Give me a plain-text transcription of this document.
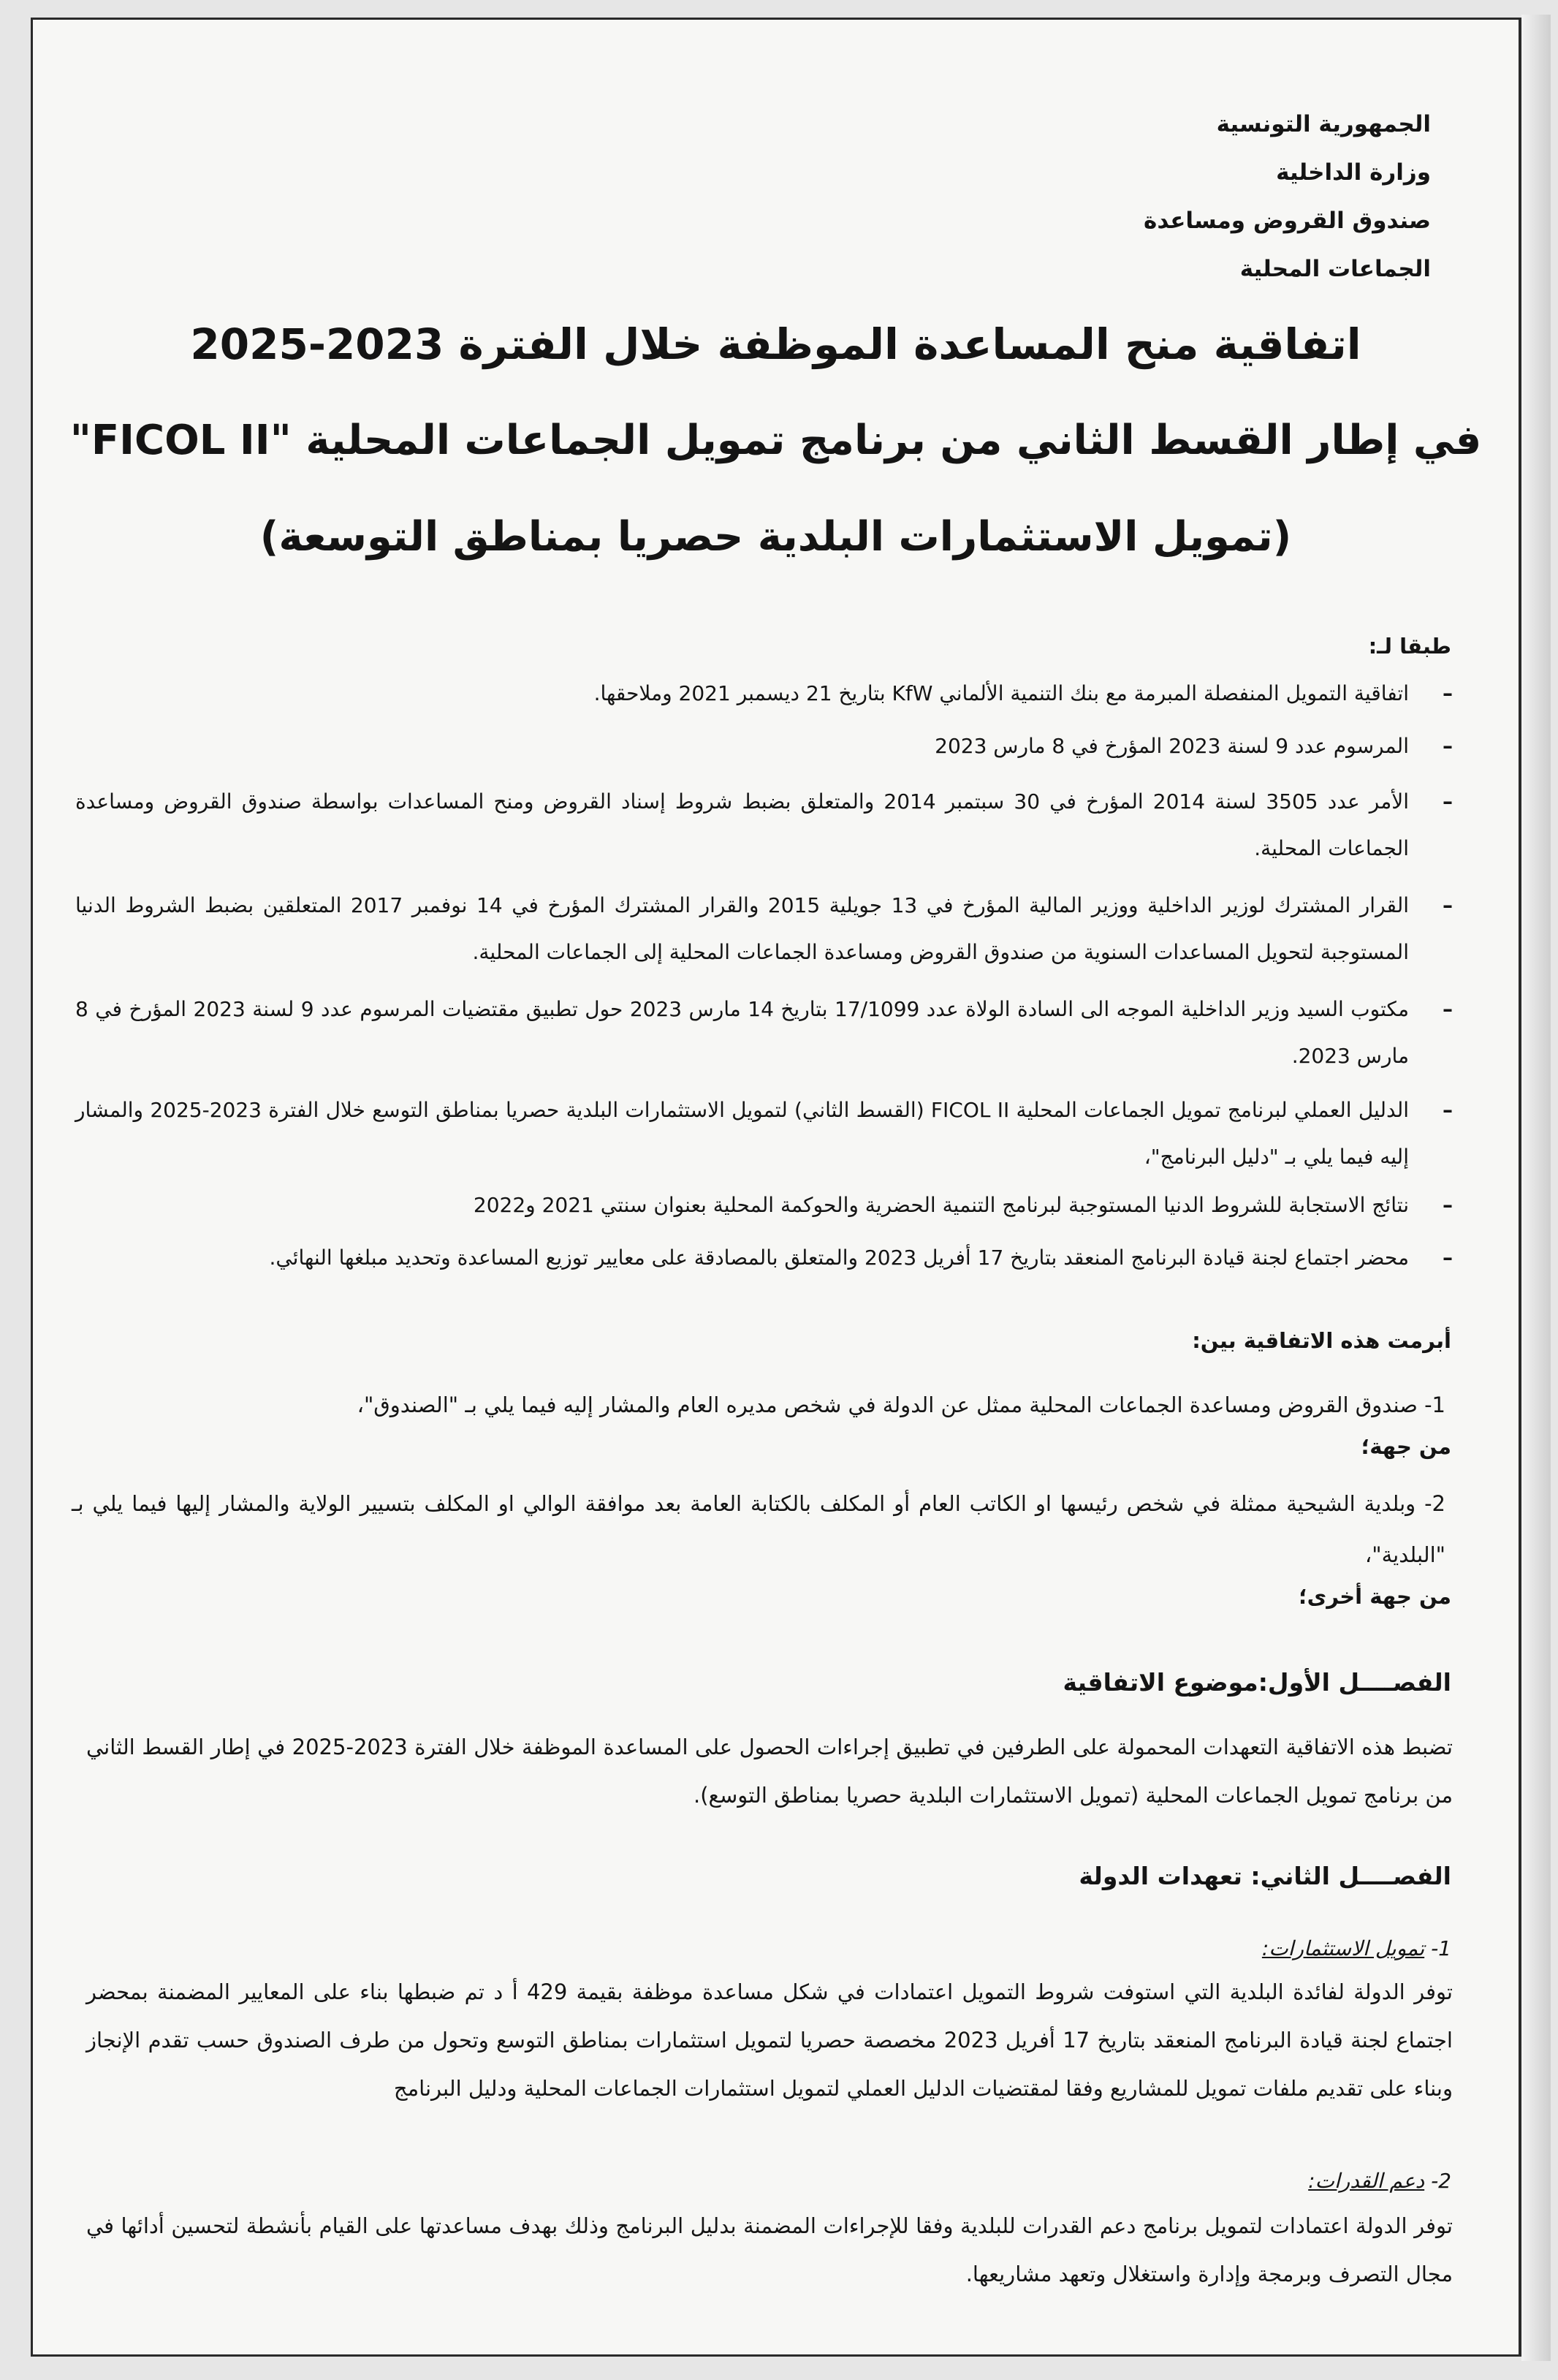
الجمهورية التونسية
وزارة الداخلية
صندوق القروض ومساعدة
الجماعات المحلية
اتفاقية منح المساعدة الموظفة خلال الفترة 2023-2025
في إطار القسط الثاني من برنامج تمويل الجماعات المحلية "FICOL II"
(تمويل الاستثمارات البلدية حصريا بمناطق التوسعة)
طبقا لـ:
–
اتفاقية التمويل المنفصلة المبرمة مع بنك التنمية الألماني KfW بتاريخ 21 ديسمبر 2021 وملاحقها.
–
المرسوم عدد 9 لسنة 2023 المؤرخ في 8 مارس 2023
–
الأمر عدد 3505 لسنة 2014 المؤرخ في 30 سبتمبر 2014 والمتعلق بضبط شروط إسناد القروض ومنح المساعدات بواسطة صندوق القروض ومساعدة الجماعات المحلية.
–
القرار المشترك لوزير الداخلية ووزير المالية المؤرخ في 13 جويلية 2015 والقرار المشترك المؤرخ في 14 نوفمبر 2017 المتعلقين بضبط الشروط الدنيا المستوجبة لتحويل المساعدات السنوية من صندوق القروض ومساعدة الجماعات المحلية إلى الجماعات المحلية.
–
مكتوب السيد وزير الداخلية الموجه الى السادة الولاة عدد 17/1099 بتاريخ 14 مارس 2023 حول تطبيق مقتضيات المرسوم عدد 9 لسنة 2023 المؤرخ في 8 مارس 2023.
–
الدليل العملي لبرنامج تمويل الجماعات المحلية FICOL II (القسط الثاني) لتمويل الاستثمارات البلدية حصريا بمناطق التوسع خلال الفترة 2023-2025 والمشار إليه فيما يلي بـ "دليل البرنامج"،
–
نتائج الاستجابة للشروط الدنيا المستوجبة لبرنامج التنمية الحضرية والحوكمة المحلية بعنوان سنتي 2021 و2022
–
محضر اجتماع لجنة قيادة البرنامج المنعقد بتاريخ 17 أفريل 2023 والمتعلق بالمصادقة على معايير توزيع المساعدة وتحديد مبلغها النهائي.
أبرمت هذه الاتفاقية بين:
1- صندوق القروض ومساعدة الجماعات المحلية ممثل عن الدولة في شخص مديره العام والمشار إليه فيما يلي بـ "الصندوق"،
من جهة؛
2- وبلدية الشيحية ممثلة في شخص رئيسها او الكاتب العام أو المكلف بالكتابة العامة بعد موافقة الوالي او المكلف بتسيير الولاية والمشار إليها فيما يلي بـ "البلدية"،
من جهة أخرى؛
الفصــــل الأول:موضوع الاتفاقية
تضبط هذه الاتفاقية التعهدات المحمولة على الطرفين في تطبيق إجراءات الحصول على المساعدة الموظفة خلال الفترة 2023-2025 في إطار القسط الثاني من برنامج تمويل الجماعات المحلية (تمويل الاستثمارات البلدية حصريا بمناطق التوسع).
الفصــــل الثاني: تعهدات الدولة
1- تمويل الاستثمارات:
توفر الدولة لفائدة البلدية التي استوفت شروط التمويل اعتمادات في شكل مساعدة موظفة بقيمة 429 أ د تم ضبطها بناء على المعايير المضمنة بمحضر اجتماع لجنة قيادة البرنامج المنعقد بتاريخ 17 أفريل 2023 مخصصة حصريا لتمويل استثمارات بمناطق التوسع وتحول من طرف الصندوق حسب تقدم الإنجاز وبناء على تقديم ملفات تمويل للمشاريع وفقا لمقتضيات الدليل العملي لتمويل استثمارات الجماعات المحلية ودليل البرنامج
2- دعم القدرات:
توفر الدولة اعتمادات لتمويل برنامج دعم القدرات للبلدية وفقا للإجراءات المضمنة بدليل البرنامج وذلك بهدف مساعدتها على القيام بأنشطة لتحسين أدائها في مجال التصرف وبرمجة وإدارة واستغلال وتعهد مشاريعها.
